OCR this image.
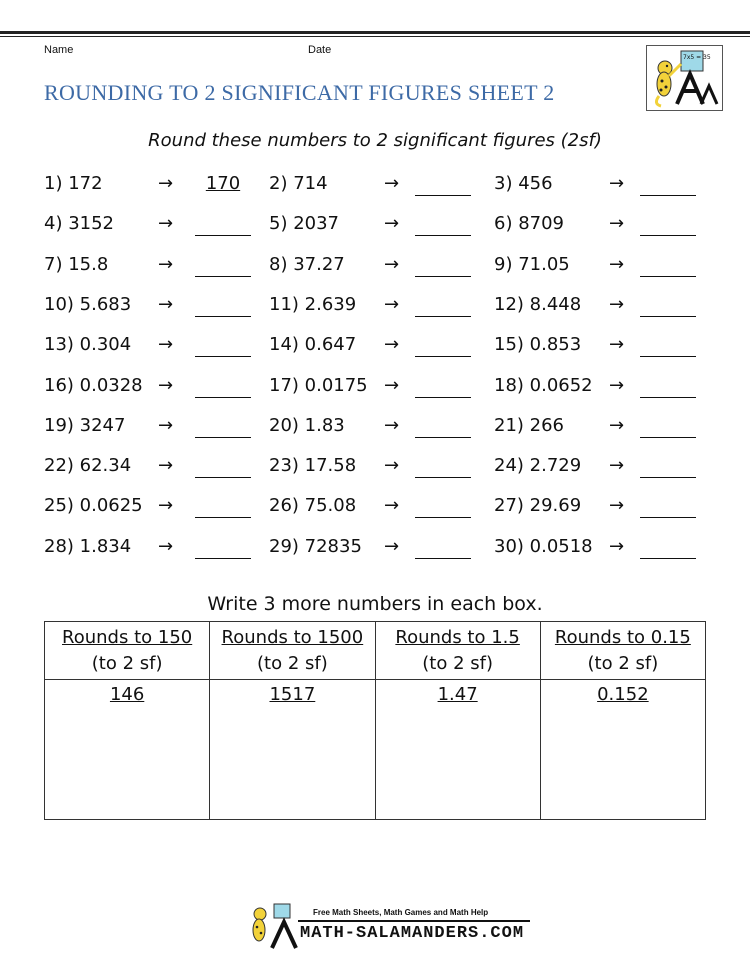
Name	Date
ROUNDING TO 2 SIGNIFICANT FIGURES SHEET 2
7x5 = 35
Round these numbers to 2 significant figures (2sf)
1) 172	→	170	2) 714	→	3) 456	→
4) 3152 →	5) 2037 →	6) 8709 →
7) 15.8	→	8) 37.27 →	9) 71.05 →
10) 5.683 →	11) 2.639 →	12) 8.448 →
13) 0.304 →	14) 0.647 →	15) 0.853 →
16) 0.0328 →	17) 0.0175 →	18) 0.0652 →
19) 3247 →	20) 1.83 →	21) 266 →
22) 62.34 →	23) 17.58 →	24) 2.729 →
25) 0.0625 →	26) 75.08 →	27) 29.69 →
28) 1.834 →	29) 72835 →	30) 0.0518 →
Write 3 more numbers in each box.
Rounds to 150
(to 2 sf)	Rounds to 1500
(to 2 sf)	Rounds to 1.5
(to 2 sf)	Rounds to 0.15
(to 2 sf)
146	1517	1.47	0.152
Free Math Sheets, Math Games and Math Help
MATH-SALAMANDERS.COM
